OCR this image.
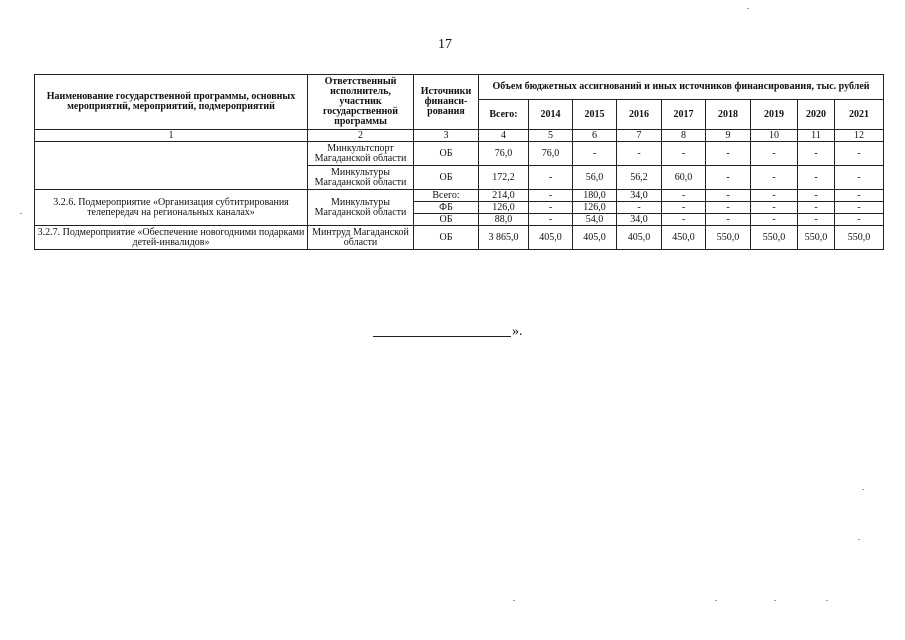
17
Наименование государственной программы, основных мероприятий, мероприятий, подмероприятий	Ответственный исполнитель, участник государственной программы	Источники финанси-рования	Объем бюджетных ассигнований и иных источников финансирования, тыс. рублей								
			Всего:	2014	2015	2016	2017	2018	2019	2020	2021
1	2	3	4	5	6	7	8	9	10	11	12
	Минкультспорт Магаданской области	ОБ	76,0	76,0	-	-	-	-	-	-	-
	Минкультуры Магаданской области	ОБ	172,2	-	56,0	56,2	60,0	-	-	-	-
3.2.6. Подмероприятие «Организация субтитрирования телепередач на региональных каналах»	Минкультуры Магаданской области	Всего:	214,0	-	180,0	34,0	-	-	-	-	-
		ФБ	126,0	-	126,0	-	-	-	-	-	-
		ОБ	88,0	-	54,0	34,0	-	-	-	-	-
3.2.7. Подмероприятие «Обеспечение новогодними подарками детей-инвалидов»	Минтруд Магаданской области	ОБ	3 865,0	405,0	405,0	405,0	450,0	550,0	550,0	550,0	550,0
».
